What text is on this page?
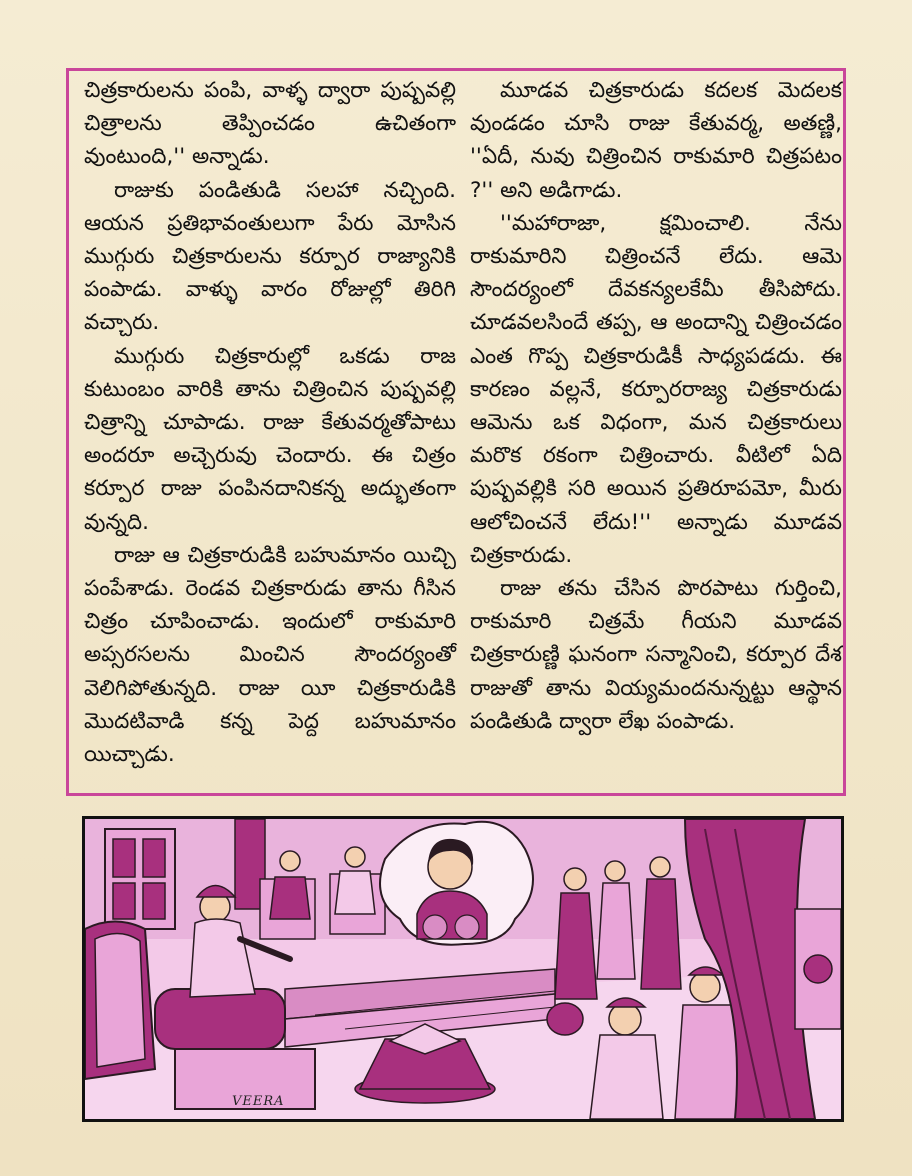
చిత్రకారులను పంపి, వాళ్ళ ద్వారా పుష్పవల్లి చిత్రాలను తెప్పించడం ఉచితంగా వుంటుంది,'' అన్నాడు.

రాజుకు పండితుడి సలహా నచ్చింది. ఆయన ప్రతిభావంతులుగా పేరు మోసిన ముగ్గురు చిత్రకారులను కర్పూర రాజ్యానికి పంపాడు. వాళ్ళు వారం రోజుల్లో తిరిగి వచ్చారు.

ముగ్గురు చిత్రకారుల్లో ఒకడు రాజ కుటుంబం వారికి తాను చిత్రించిన పుష్పవల్లి చిత్రాన్ని చూపాడు. రాజు కేతువర్మతోపాటు అందరూ అచ్చెరువు చెందారు. ఈ చిత్రం కర్పూర రాజు పంపినదానికన్న అద్భుతంగా వున్నది.

రాజు ఆ చిత్రకారుడికి బహుమానం యిచ్చి పంపేశాడు. రెండవ చిత్రకారుడు తాను గీసిన చిత్రం చూపించాడు. ఇందులో రాకుమారి అప్సరసలను మించిన సౌందర్యంతో వెలిగిపోతున్నది. రాజు యీ చిత్రకారుడికి మొదటివాడి కన్న పెద్ద బహుమానం యిచ్చాడు.

మూడవ చిత్రకారుడు కదలక మెదలక వుండడం చూసి రాజు కేతువర్మ, అతణ్ణి, ''ఏదీ, నువు చిత్రించిన రాకుమారి చిత్రపటం ?'' అని అడిగాడు.

''మహారాజా, క్షమించాలి. నేను రాకుమారిని చిత్రించనే లేదు. ఆమె సౌందర్యంలో దేవకన్యలకేమీ తీసిపోదు. చూడవలసిందే తప్ప, ఆ అందాన్ని చిత్రించడం ఎంత గొప్ప చిత్రకారుడికీ సాధ్యపడదు. ఈ కారణం వల్లనే, కర్పూరరాజ్య చిత్రకారుడు ఆమెను ఒక విధంగా, మన చిత్రకారులు మరొక రకంగా చిత్రించారు. వీటిలో ఏది పుష్పవల్లికి సరి అయిన ప్రతిరూపమో, మీరు ఆలోచించనే లేదు!'' అన్నాడు మూడవ చిత్రకారుడు.

రాజు తను చేసిన పొరపాటు గుర్తించి, రాకుమారి చిత్రమే గీయని మూడవ చిత్రకారుణ్ణి ఘనంగా సన్మానించి, కర్పూర దేశ రాజుతో తాను వియ్యమందనున్నట్టు ఆస్థాన పండితుడి ద్వారా లేఖ పంపాడు.

VEERA
